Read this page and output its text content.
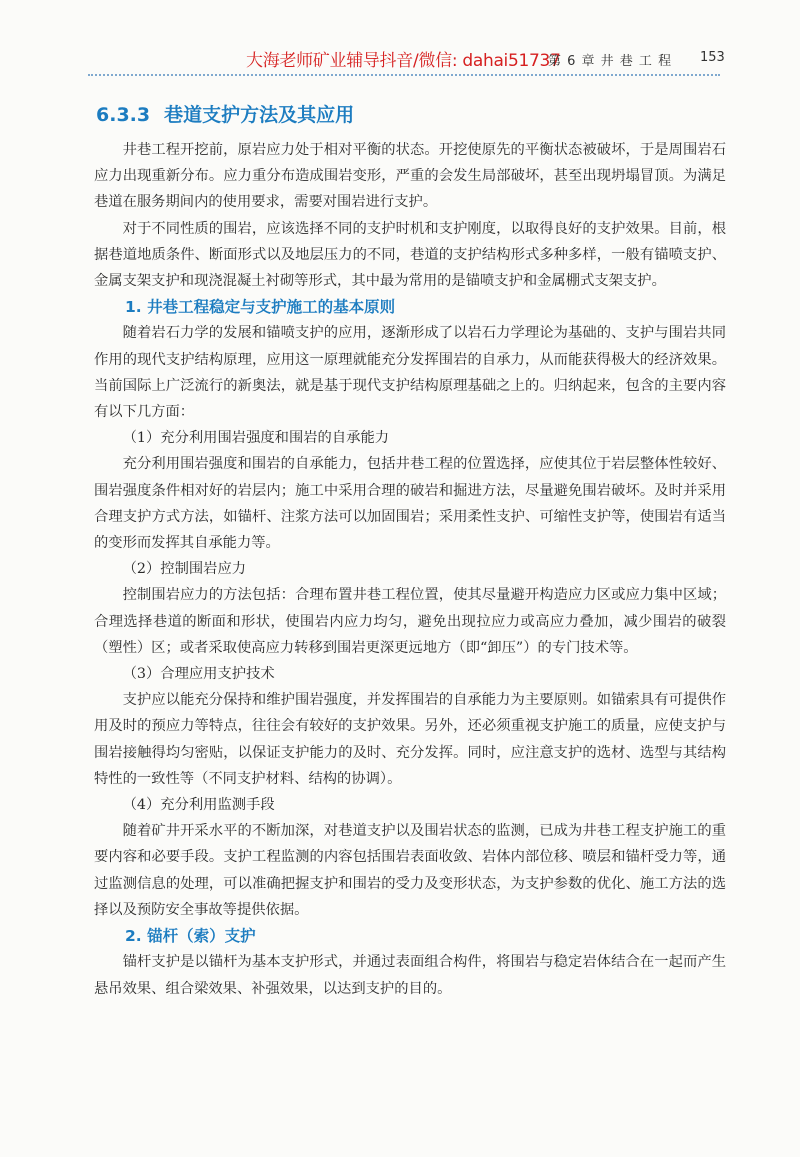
大海老师矿业辅导抖音/微信: dahai51737
第 6 章 井 巷 工 程 153
6.3.3 巷道支护方法及其应用

井巷工程开挖前，原岩应力处于相对平衡的状态。开挖使原先的平衡状态被破坏，于是周围岩石应力出现重新分布。应力重分布造成围岩变形，严重的会发生局部破坏，甚至出现坍塌冒顶。为满足巷道在服务期间内的使用要求，需要对围岩进行支护。

对于不同性质的围岩，应该选择不同的支护时机和支护刚度，以取得良好的支护效果。目前，根据巷道地质条件、断面形式以及地层压力的不同，巷道的支护结构形式多种多样，一般有锚喷支护、金属支架支护和现浇混凝土衬砌等形式，其中最为常用的是锚喷支护和金属棚式支架支护。

1. 井巷工程稳定与支护施工的基本原则

随着岩石力学的发展和锚喷支护的应用，逐渐形成了以岩石力学理论为基础的、支护与围岩共同作用的现代支护结构原理，应用这一原理就能充分发挥围岩的自承力，从而能获得极大的经济效果。当前国际上广泛流行的新奥法，就是基于现代支护结构原理基础之上的。归纳起来，包含的主要内容有以下几方面：

（1）充分利用围岩强度和围岩的自承能力

充分利用围岩强度和围岩的自承能力，包括井巷工程的位置选择，应使其位于岩层整体性较好、围岩强度条件相对好的岩层内；施工中采用合理的破岩和掘进方法，尽量避免围岩破坏。及时并采用合理支护方式方法，如锚杆、注浆方法可以加固围岩；采用柔性支护、可缩性支护等，使围岩有适当的变形而发挥其自承能力等。

（2）控制围岩应力

控制围岩应力的方法包括：合理布置井巷工程位置，使其尽量避开构造应力区或应力集中区域；合理选择巷道的断面和形状，使围岩内应力均匀，避免出现拉应力或高应力叠加，减少围岩的破裂（塑性）区；或者采取使高应力转移到围岩更深更远地方（即“卸压”）的专门技术等。

（3）合理应用支护技术

支护应以能充分保持和维护围岩强度，并发挥围岩的自承能力为主要原则。如锚索具有可提供作用及时的预应力等特点，往往会有较好的支护效果。另外，还必须重视支护施工的质量，应使支护与围岩接触得均匀密贴，以保证支护能力的及时、充分发挥。同时，应注意支护的选材、选型与其结构特性的一致性等（不同支护材料、结构的协调）。

（4）充分利用监测手段

随着矿井开采水平的不断加深，对巷道支护以及围岩状态的监测，已成为井巷工程支护施工的重要内容和必要手段。支护工程监测的内容包括围岩表面收敛、岩体内部位移、喷层和锚杆受力等，通过监测信息的处理，可以准确把握支护和围岩的受力及变形状态，为支护参数的优化、施工方法的选择以及预防安全事故等提供依据。

2. 锚杆（索）支护

锚杆支护是以锚杆为基本支护形式，并通过表面组合构件，将围岩与稳定岩体结合在一起而产生悬吊效果、组合梁效果、补强效果，以达到支护的目的。
